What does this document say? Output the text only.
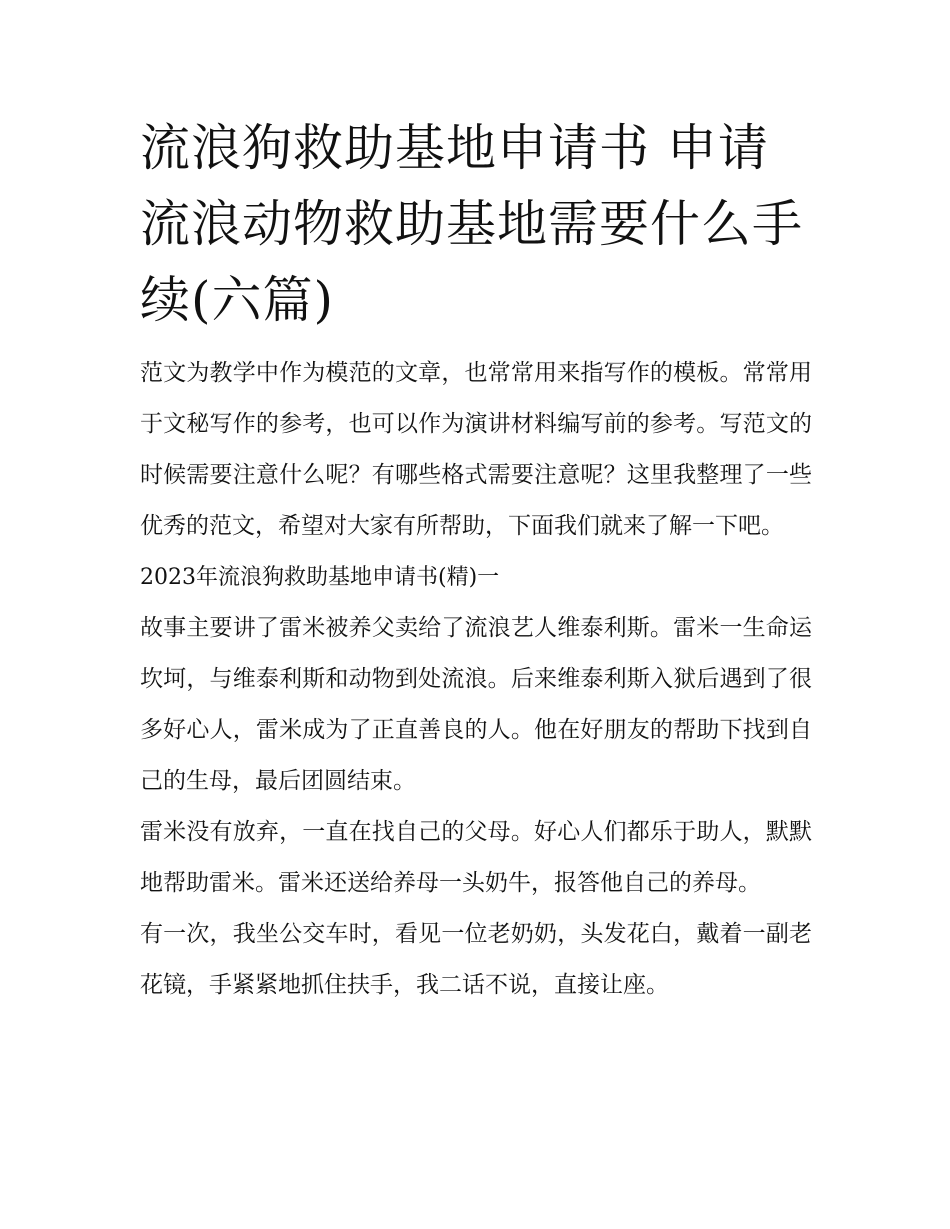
流浪狗救助基地申请书 申请流浪动物救助基地需要什么手续(六篇)

范文为教学中作为模范的文章，也常常用来指写作的模板。常常用于文秘写作的参考，也可以作为演讲材料编写前的参考。写范文的时候需要注意什么呢？有哪些格式需要注意呢？这里我整理了一些优秀的范文，希望对大家有所帮助，下面我们就来了解一下吧。

2023年流浪狗救助基地申请书(精)一

故事主要讲了雷米被养父卖给了流浪艺人维泰利斯。雷米一生命运坎坷，与维泰利斯和动物到处流浪。后来维泰利斯入狱后遇到了很多好心人，雷米成为了正直善良的人。他在好朋友的帮助下找到自己的生母，最后团圆结束。

雷米没有放弃，一直在找自己的父母。好心人们都乐于助人，默默地帮助雷米。雷米还送给养母一头奶牛，报答他自己的养母。

有一次，我坐公交车时，看见一位老奶奶，头发花白，戴着一副老花镜，手紧紧地抓住扶手，我二话不说，直接让座。
